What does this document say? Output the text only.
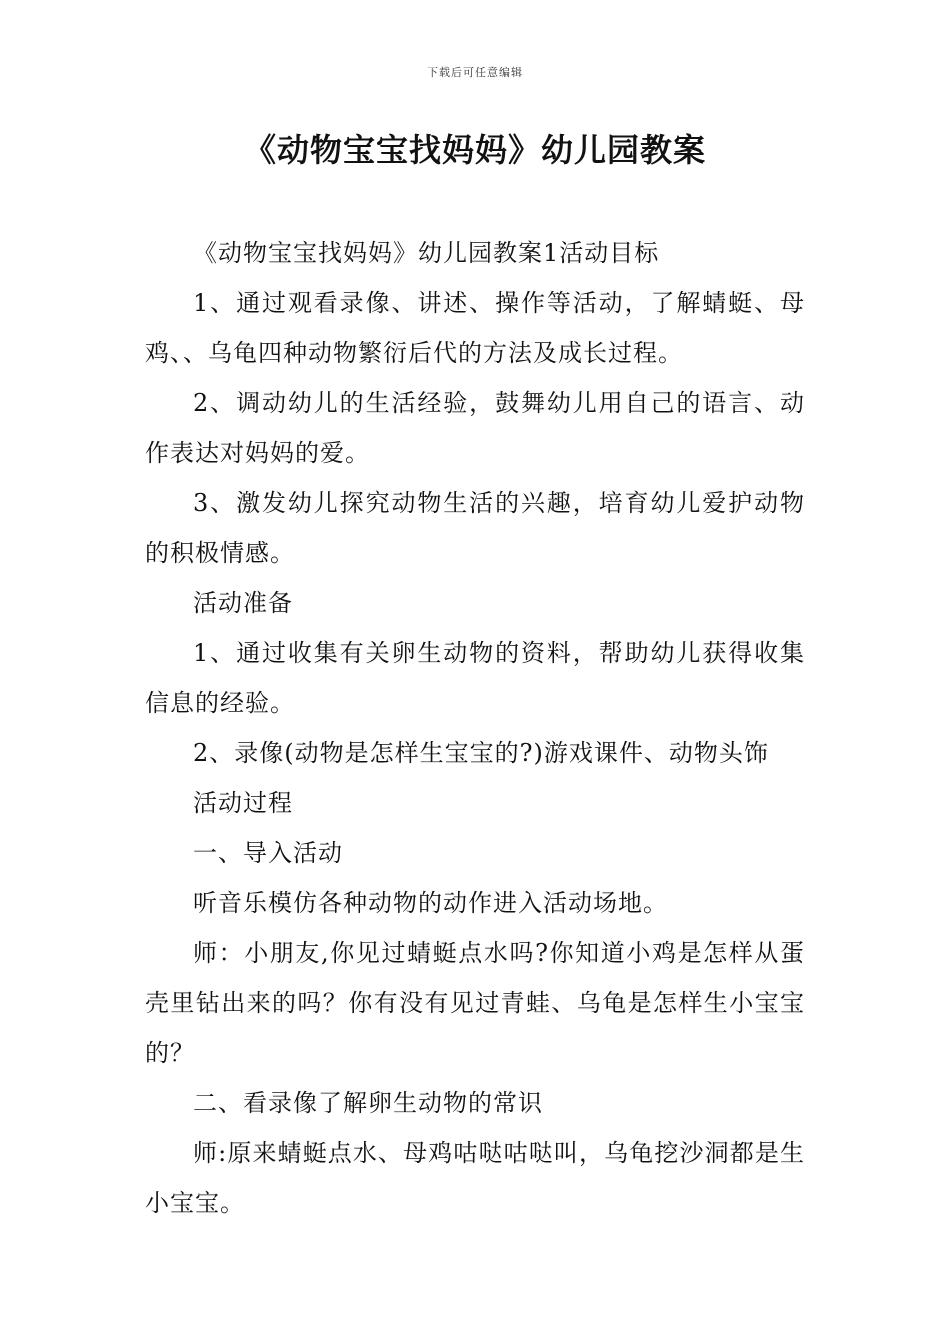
下载后可任意编辑
《动物宝宝找妈妈》幼儿园教案

《动物宝宝找妈妈》幼儿园教案1活动目标

1、通过观看录像、讲述、操作等活动，了解蜻蜓、母鸡、、乌龟四种动物繁衍后代的方法及成长过程。

2、调动幼儿的生活经验，鼓舞幼儿用自己的语言、动作表达对妈妈的爱。

3、激发幼儿探究动物生活的兴趣，培育幼儿爱护动物的积极情感。

活动准备

1、通过收集有关卵生动物的资料，帮助幼儿获得收集信息的经验。

2、录像(动物是怎样生宝宝的?)游戏课件、动物头饰

活动过程

一、导入活动

听音乐模仿各种动物的动作进入活动场地。

师：小朋友,你见过蜻蜓点水吗?你知道小鸡是怎样从蛋壳里钻出来的吗？你有没有见过青蛙、乌龟是怎样生小宝宝的？

二、看录像了解卵生动物的常识

师:原来蜻蜓点水、母鸡咕哒咕哒叫，乌龟挖沙洞都是生小宝宝。
